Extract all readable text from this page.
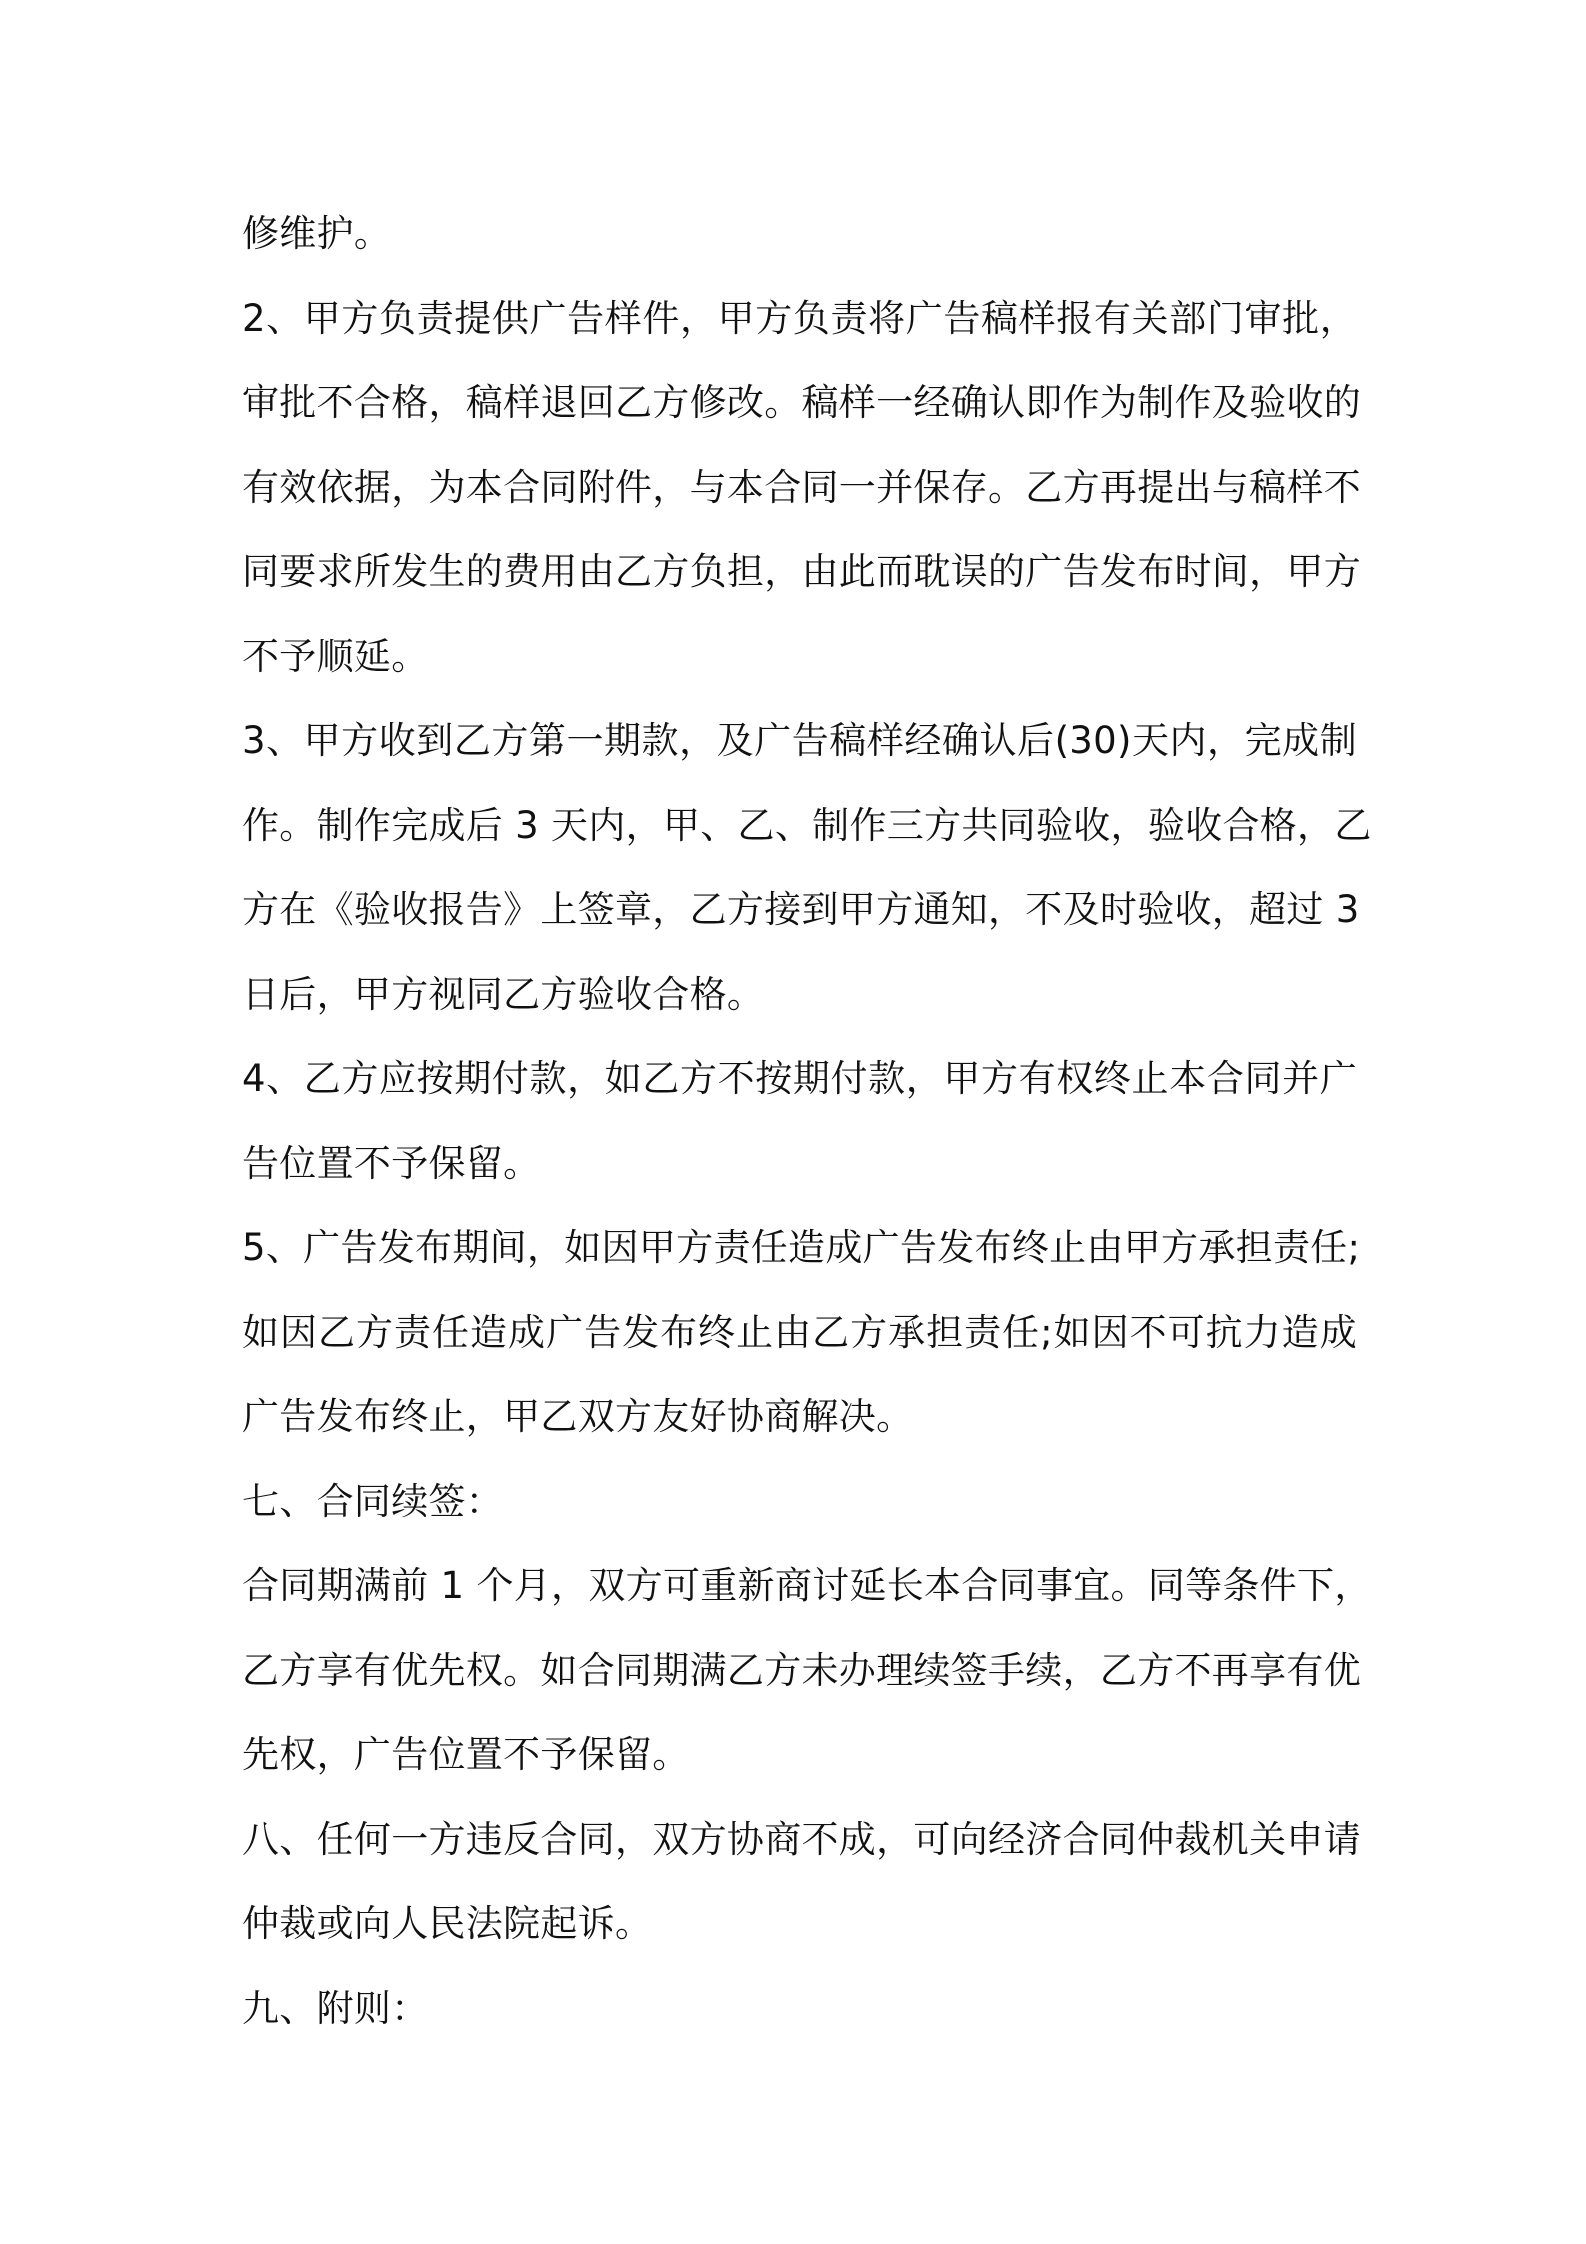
修维护。
2、甲方负责提供广告样件，甲方负责将广告稿样报有关部门审批，
审批不合格，稿样退回乙方修改。稿样一经确认即作为制作及验收的
有效依据，为本合同附件，与本合同一并保存。乙方再提出与稿样不
同要求所发生的费用由乙方负担，由此而耽误的广告发布时间，甲方
不予顺延。
3、甲方收到乙方第一期款，及广告稿样经确认后(30)天内，完成制
作。制作完成后 3 天内，甲、乙、制作三方共同验收，验收合格，乙
方在《验收报告》上签章，乙方接到甲方通知，不及时验收，超过 3
日后，甲方视同乙方验收合格。
4、乙方应按期付款，如乙方不按期付款，甲方有权终止本合同并广
告位置不予保留。
5、广告发布期间，如因甲方责任造成广告发布终止由甲方承担责任;
如因乙方责任造成广告发布终止由乙方承担责任;如因不可抗力造成
广告发布终止，甲乙双方友好协商解决。
七、合同续签：
合同期满前 1 个月，双方可重新商讨延长本合同事宜。同等条件下，
乙方享有优先权。如合同期满乙方未办理续签手续，乙方不再享有优
先权，广告位置不予保留。
八、任何一方违反合同，双方协商不成，可向经济合同仲裁机关申请
仲裁或向人民法院起诉。
九、附则：
